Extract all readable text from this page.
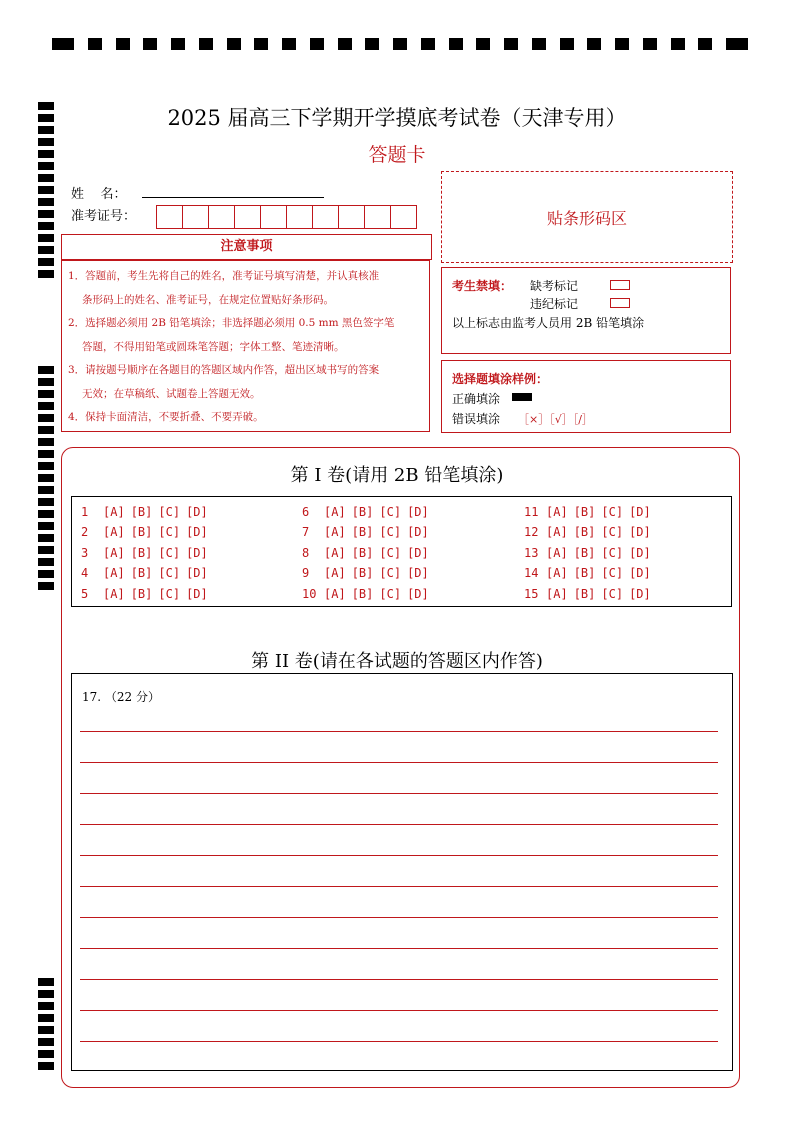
2025 届高三下学期开学摸底考试卷（天津专用）
答题卡
姓    名：
准考证号：	贴条形码区
注意事项

1．答题前，考生先将自己的姓名，准考证号填写清楚，并认真核准

条形码上的姓名、准考证号，在规定位置贴好条形码。

2．选择题必须用 2B 铅笔填涂；非选择题必须用 0.5 mm 黑色签字笔

答题，不得用铅笔或圆珠笔答题；字体工整、笔迹清晰。

3．请按题号顺序在各题目的答题区域内作答，超出区域书写的答案

无效；在草稿纸、试题卷上答题无效。

4．保持卡面清洁，不要折叠、不要弄破。

考生禁填： 缺考标记
违纪标记
以上标志由监考人员用 2B 铅笔填涂
选择题填涂样例：
正确填涂
错误填涂 ［×］［√］［/］
第 I 卷(请用 2B 铅笔填涂)
1 [A] [B] [C] [D]
2 [A] [B] [C] [D]
3 [A] [B] [C] [D]
4 [A] [B] [C] [D]
5 [A] [B] [C] [D]
6 [A] [B] [C] [D]
7 [A] [B] [C] [D]
8 [A] [B] [C] [D]
9 [A] [B] [C] [D]
10 [A] [B] [C] [D]
11 [A] [B] [C] [D]
12 [A] [B] [C] [D]
13 [A] [B] [C] [D]
14 [A] [B] [C] [D]
15 [A] [B] [C] [D]
第 II 卷(请在各试题的答题区内作答)
17. （22 分）
